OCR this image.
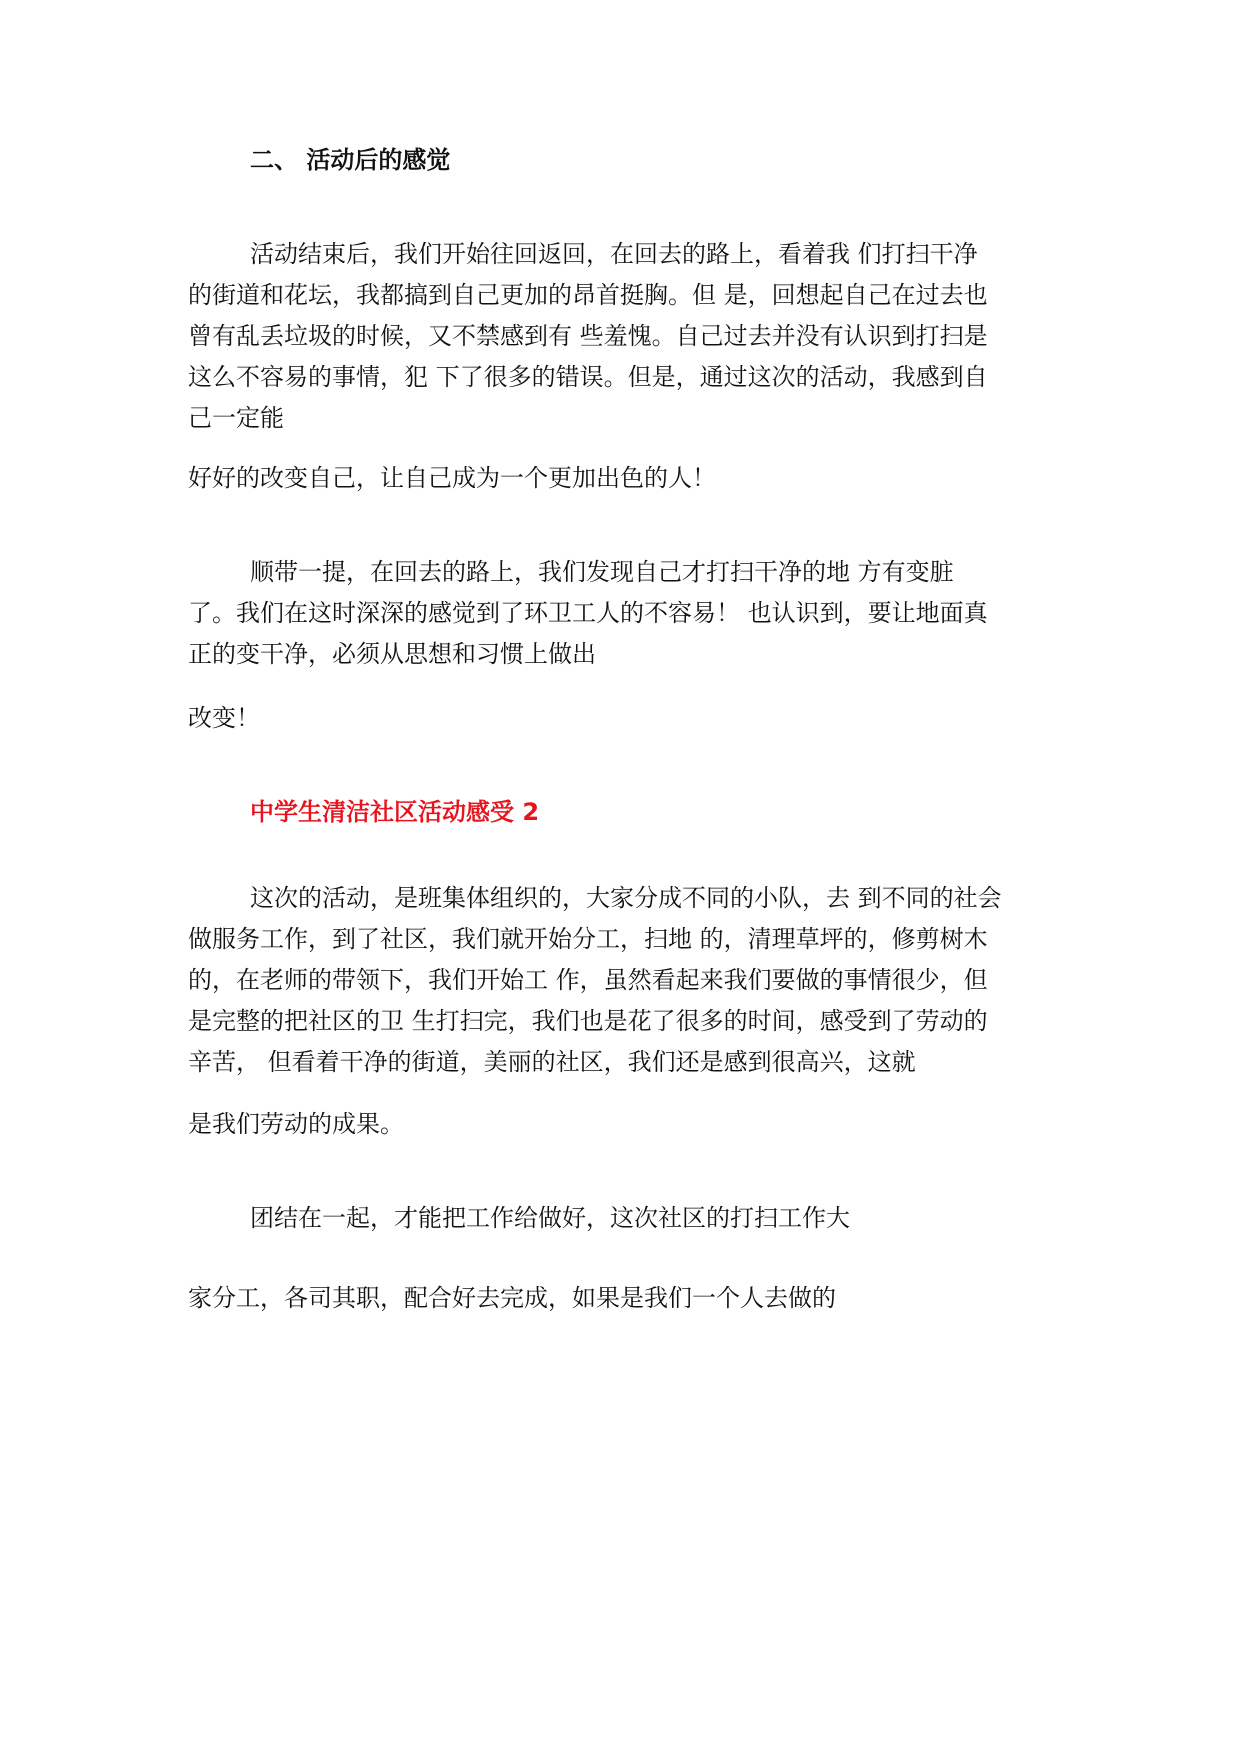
二、 活动后的感觉
活动结束后，我们开始往回返回，在回去的路上，看着我 们打扫干净
的街道和花坛，我都搞到自己更加的昂首挺胸。但 是，回想起自己在过去也
曾有乱丢垃圾的时候，又不禁感到有 些羞愧。自己过去并没有认识到打扫是
这么不容易的事情，犯 下了很多的错误。但是，通过这次的活动，我感到自
己一定能
好好的改变自己，让自己成为一个更加出色的人！
顺带一提，在回去的路上，我们发现自己才打扫干净的地 方有变脏
了。我们在这时深深的感觉到了环卫工人的不容易！ 也认识到，要让地面真
正的变干净，必须从思想和习惯上做出
改变！
中学生清洁社区活动感受 2
这次的活动，是班集体组织的，大家分成不同的小队，去 到不同的社会
做服务工作，到了社区，我们就开始分工，扫地 的，清理草坪的，修剪树木
的，在老师的带领下，我们开始工 作，虽然看起来我们要做的事情很少，但
是完整的把社区的卫 生打扫完，我们也是花了很多的时间，感受到了劳动的
辛苦， 但看着干净的街道，美丽的社区，我们还是感到很高兴，这就
是我们劳动的成果。
团结在一起，才能把工作给做好，这次社区的打扫工作大
家分工，各司其职，配合好去完成，如果是我们一个人去做的
